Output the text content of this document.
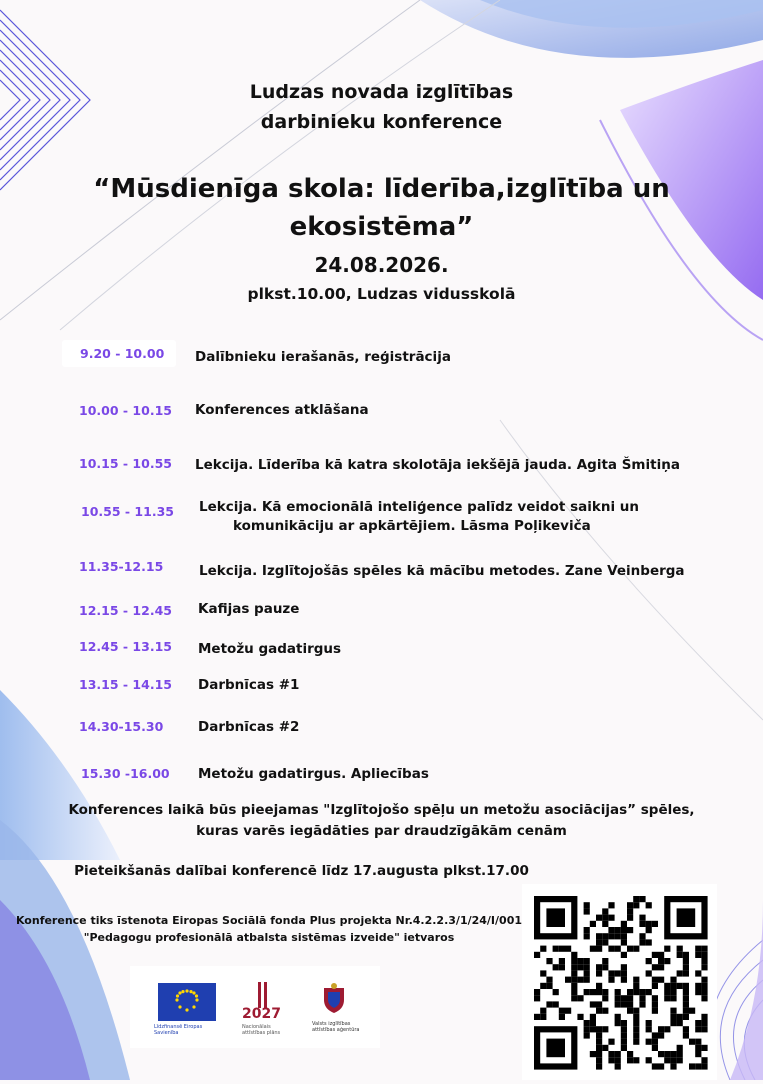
Ludzas novada izglītības
darbinieku konference
“Mūsdienīga skola: līderība,izglītība un
ekosistēma”
24.08.2026.
plkst.10.00, Ludzas vidusskolā
9.20 - 10.00	Dalībnieku ierašanās, reģistrācija
10.00 - 10.15 Konferences atklāšana
10.15 - 10.55 Lekcija. Līderība kā katra skolotāja iekšējā jauda. Agita Šmitiņa
10.55 - 11.35 Lekcija. Kā emocionālā inteliģence palīdz veidot saikni un
komunikāciju ar apkārtējiem. Lāsma Poļikeviča
11.35-12.15	Lekcija. Izglītojošās spēles kā mācību metodes. Zane Veinberga
12.15 - 12.45 Kafijas pauze
12.45 - 13.15 Metožu gadatirgus
13.15 - 14.15 Darbnīcas #1
14.30-15.30	Darbnīcas #2
15.30 -16.00 Metožu gadatirgus. Apliecības
Konferences laikā būs pieejamas "Izglītojošo spēļu un metožu asociācijas” spēles,
kuras varēs iegādāties par draudzīgākām cenām
Pieteikšanās dalībai konferencē līdz 17.augusta plkst.17.00
Konference tiks īstenota Eiropas Sociālā fonda Plus projekta Nr.4.2.2.3/1/24/I/001
"Pedagogu profesionālā atbalsta sistēmas izveide" ietvaros
Līdzfinansē Eiropas Savienība
2027
Nacionālais attīstības plāns
Valsts izglītības attīstības aģentūra
